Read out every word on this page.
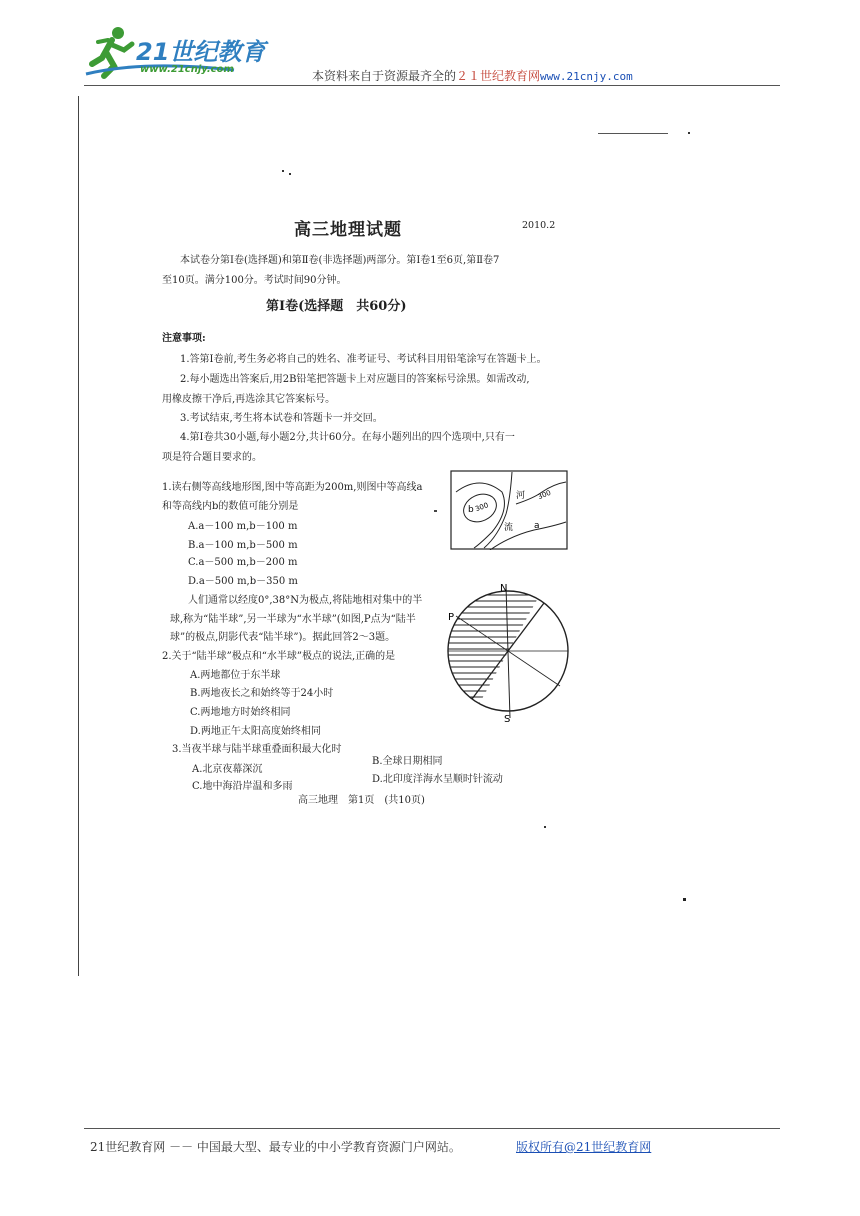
21世纪教育
www.21cnjy.com	本资料来自于资源最齐全的２１世纪教育网www.21cnjy.com
高三地理试题	2010.2
本试卷分第Ⅰ卷(选择题)和第Ⅱ卷(非选择题)两部分。第Ⅰ卷1至6页,第Ⅱ卷7
至10页。满分100分。考试时间90分钟。
第Ⅰ卷(选择题　共60分)
注意事项:
1.答第Ⅰ卷前,考生务必将自己的姓名、准考证号、考试科目用铅笔涂写在答题卡上。
2.每小题选出答案后,用2B铅笔把答题卡上对应题目的答案标号涂黑。如需改动,
用橡皮擦干净后,再选涂其它答案标号。
3.考试结束,考生将本试卷和答题卡一并交回。
4.第Ⅰ卷共30小题,每小题2分,共计60分。在每小题列出的四个选项中,只有一
项是符合题目要求的。
1.读右侧等高线地形图,图中等高距为200m,则图中等高线a
和等高线内b的数值可能分别是
A.a－100 m,b－100 m
B.a－100 m,b－500 m
C.a－500 m,b－200 m
D.a－500 m,b－350 m
b 300
300
河
流 a
人们通常以经度0°,38°N为极点,将陆地相对集中的半
球,称为“陆半球”,另一半球为“水半球”(如图,P点为“陆半
球”的极点,阴影代表“陆半球”)。据此回答2～3题。
N
S
P
2.关于“陆半球”极点和“水半球”极点的说法,正确的是
A.两地都位于东半球
B.两地夜长之和始终等于24小时
C.两地地方时始终相同
D.两地正午太阳高度始终相同
3.当夜半球与陆半球重叠面积最大化时
A.北京夜幕深沉
B.全球日期相同
C.地中海沿岸温和多雨
D.北印度洋海水呈顺时针流动
高三地理　第1页　(共10页)
21世纪教育网 －－ 中国最大型、最专业的中小学教育资源门户网站。	版权所有@21世纪教育网
